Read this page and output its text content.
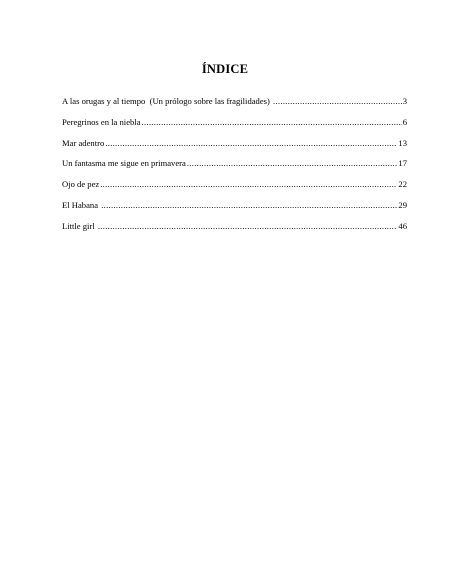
ÍNDICE
A las orugas y al tiempo  (Un prólogo sobre las fragilidades) .....	3
Peregrinos en la niebla .....	6
Mar adentro .....	13
Un fantasma me sigue en primavera .....	17
Ojo de pez .....	22
El Habana .....	29
Little girl .....	46
